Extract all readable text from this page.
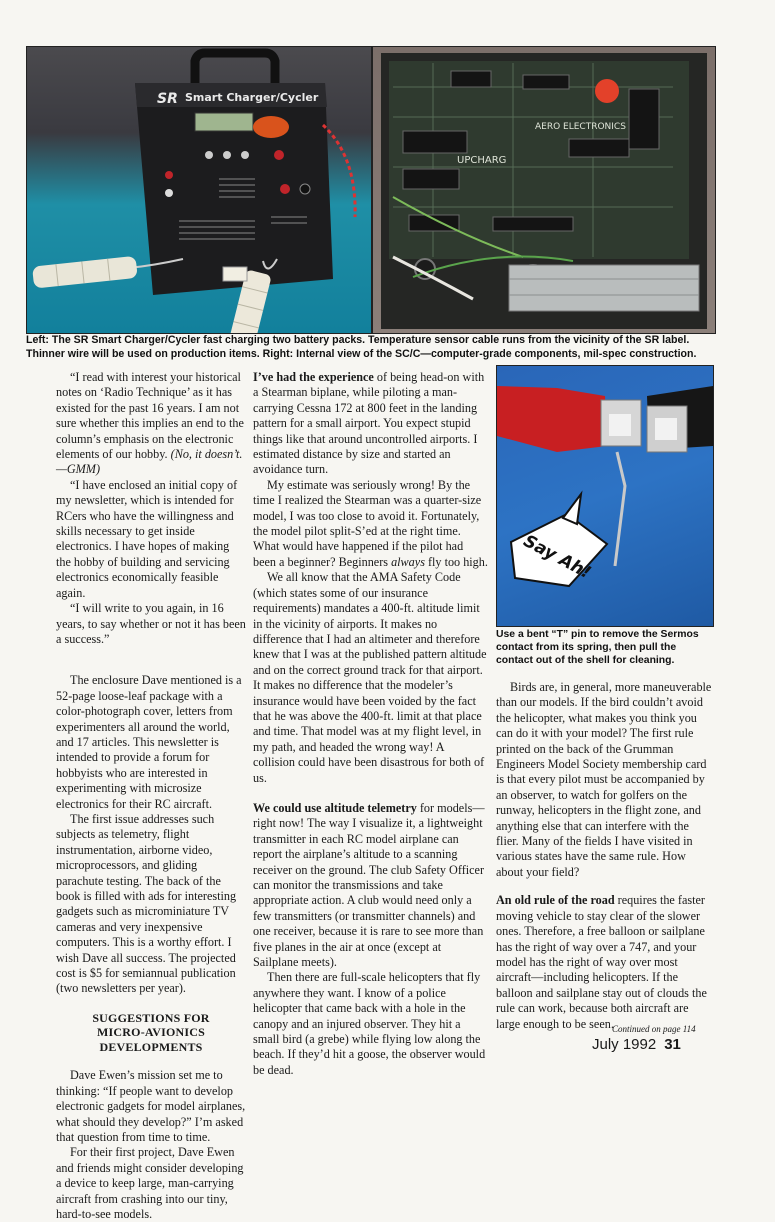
SR Smart Charger/Cycler
UPCHARG
AERO ELECTRONICS
Left: The SR Smart Charger/Cycler fast charging two battery packs. Temperature sensor cable runs from the vicinity of the SR label. Thinner wire will be used on production items. Right: Internal view of the SC/C—computer-grade components, mil-spec construction.

“I read with interest your historical notes on ‘Radio Technique’ as it has existed for the past 16 years. I am not sure whether this implies an end to the column’s emphasis on the electronic elements of our hobby. (No, it doesn’t.—GMM)

“I have enclosed an initial copy of my newsletter, which is intended for RCers who have the willingness and skills necessary to get inside electronics. I have hopes of making the hobby of building and servicing electronics economically feasible again.

“I will write to you again, in 16 years, to say whether or not it has been a success.”

The enclosure Dave mentioned is a 52-page loose-leaf package with a color-photograph cover, letters from experimenters all around the world, and 17 articles. This newsletter is intended to provide a forum for hobbyists who are interested in experimenting with microsize electronics for their RC aircraft.

The first issue addresses such subjects as telemetry, flight instrumentation, airborne video, microprocessors, and gliding parachute testing. The back of the book is filled with ads for interesting gadgets such as microminiature TV cameras and very inexpensive computers. This is a worthy effort. I wish Dave all success. The projected cost is $5 for semiannual publication (two newsletters per year).

SUGGESTIONS FOR
MICRO-AVIONICS DEVELOPMENTS

Dave Ewen’s mission set me to thinking: “If people want to develop electronic gadgets for model airplanes, what should they develop?” I’m asked that question from time to time.

For their first project, Dave Ewen and friends might consider developing a device to keep large, man-carrying aircraft from crashing into our tiny, hard-to-see models.

I’ve had the experience of being head-on with a Stearman biplane, while piloting a man-carrying Cessna 172 at 800 feet in the landing pattern for a small airport. You expect stupid things like that around uncontrolled airports. I estimated distance by size and started an avoidance turn.

My estimate was seriously wrong! By the time I realized the Stearman was a quarter-size model, I was too close to avoid it. Fortunately, the model pilot split-S’ed at the right time. What would have happened if the pilot had been a beginner? Beginners always fly too high.

We all know that the AMA Safety Code (which states some of our insurance requirements) mandates a 400-ft. altitude limit in the vicinity of airports. It makes no difference that I had an altimeter and therefore knew that I was at the published pattern altitude and on the correct ground track for that airport. It makes no difference that the modeler’s insurance would have been voided by the fact that he was above the 400-ft. limit at that place and time. That model was at my flight level, in my path, and headed the wrong way! A collision could have been disastrous for both of us.

We could use altitude telemetry for models—right now! The way I visualize it, a lightweight transmitter in each RC model airplane can report the airplane’s altitude to a scanning receiver on the ground. The club Safety Officer can monitor the transmissions and take appropriate action. A club would need only a few transmitters (or transmitter channels) and one receiver, because it is rare to see more than five planes in the air at once (except at Sailplane meets).

Then there are full-scale helicopters that fly anywhere they want. I know of a police helicopter that came back with a hole in the canopy and an injured observer. They hit a small bird (a grebe) while flying low along the beach. If they’d hit a goose, the observer would be dead.

Say Ah!
Use a bent “T” pin to remove the Sermos contact from its spring, then pull the contact out of the shell for cleaning.

Birds are, in general, more maneuverable than our models. If the bird couldn’t avoid the helicopter, what makes you think you can do it with your model? The first rule printed on the back of the Grumman Engineers Model Society membership card is that every pilot must be accompanied by an observer, to watch for golfers on the runway, helicopters in the flight zone, and anything else that can interfere with the flier. Many of the fields I have visited in various states have the same rule. How about your field?

An old rule of the road requires the faster moving vehicle to stay clear of the slower ones. Therefore, a free balloon or sailplane has the right of way over a 747, and your model has the right of way over most aircraft—including helicopters. If the balloon and sailplane stay out of clouds the rule can work, because both aircraft are large enough to be seen.

Continued on page 114
July 1992 31
